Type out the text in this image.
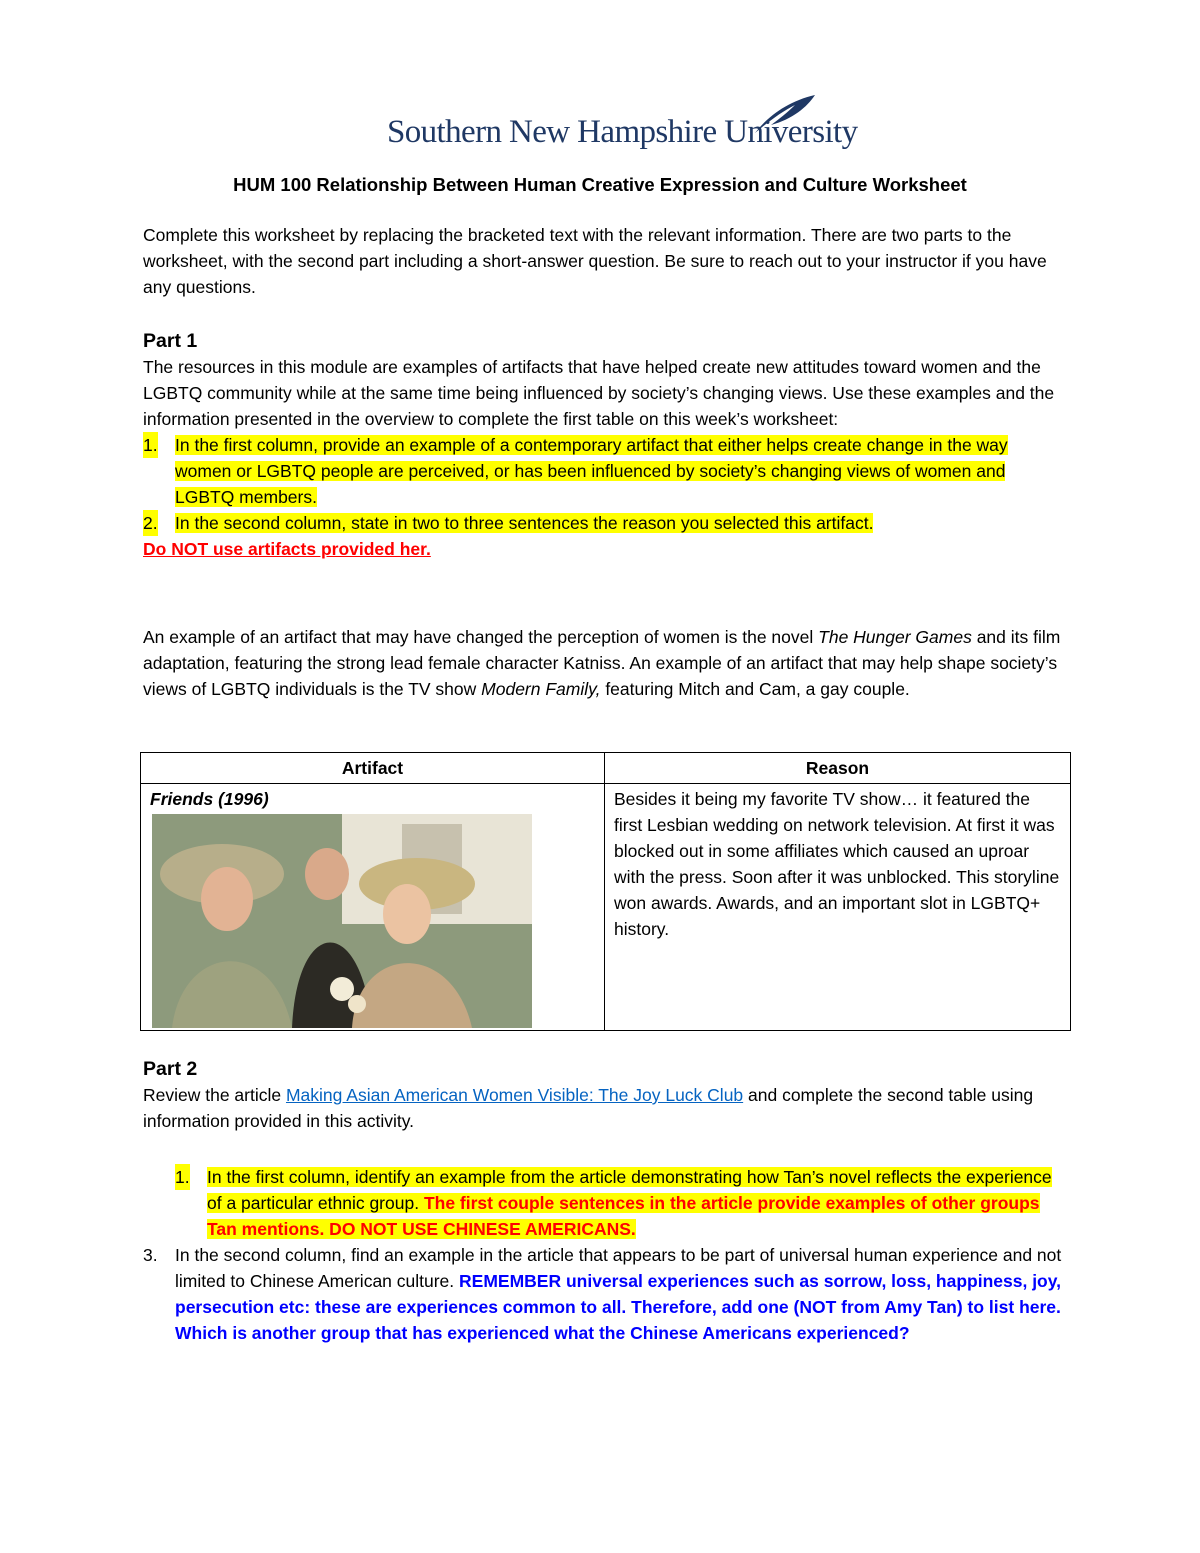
Southern New Hampshire University
HUM 100 Relationship Between Human Creative Expression and Culture Worksheet

Complete this worksheet by replacing the bracketed text with the relevant information. There are two parts to the worksheet, with the second part including a short-answer question. Be sure to reach out to your instructor if you have any questions.

Part 1

The resources in this module are examples of artifacts that have helped create new attitudes toward women and the LGBTQ community while at the same time being influenced by society’s changing views. Use these examples and the information presented in the overview to complete the first table on this week’s worksheet:

1. In the first column, provide an example of a contemporary artifact that either helps create change in the way women or LGBTQ people are perceived, or has been influenced by society’s changing views of women and LGBTQ members.
2. In the second column, state in two to three sentences the reason you selected this artifact.

Do NOT use artifacts provided her.

An example of an artifact that may have changed the perception of women is the novel The Hunger Games and its film adaptation, featuring the strong lead female character Katniss. An example of an artifact that may help shape society’s views of LGBTQ individuals is the TV show Modern Family, featuring Mitch and Cam, a gay couple.

Artifact	Reason

Friends (1996)	Besides it being my favorite TV show… it featured the first Lesbian wedding on network television. At first it was blocked out in some affiliates which caused an uproar with the press. Soon after it was unblocked. This storyline won awards. Awards, and an important slot in LGBTQ+ history.

Part 2

Review the article Making Asian American Women Visible: The Joy Luck Club and complete the second table using information provided in this activity.

1. In the first column, identify an example from the article demonstrating how Tan’s novel reflects the experience of a particular ethnic group. The first couple sentences in the article provide examples of other groups Tan mentions. DO NOT USE CHINESE AMERICANS.
3. In the second column, find an example in the article that appears to be part of universal human experience and not limited to Chinese American culture. REMEMBER universal experiences such as sorrow, loss, happiness, joy, persecution etc: these are experiences common to all. Therefore, add one (NOT from Amy Tan) to list here. Which is another group that has experienced what the Chinese Americans experienced?
